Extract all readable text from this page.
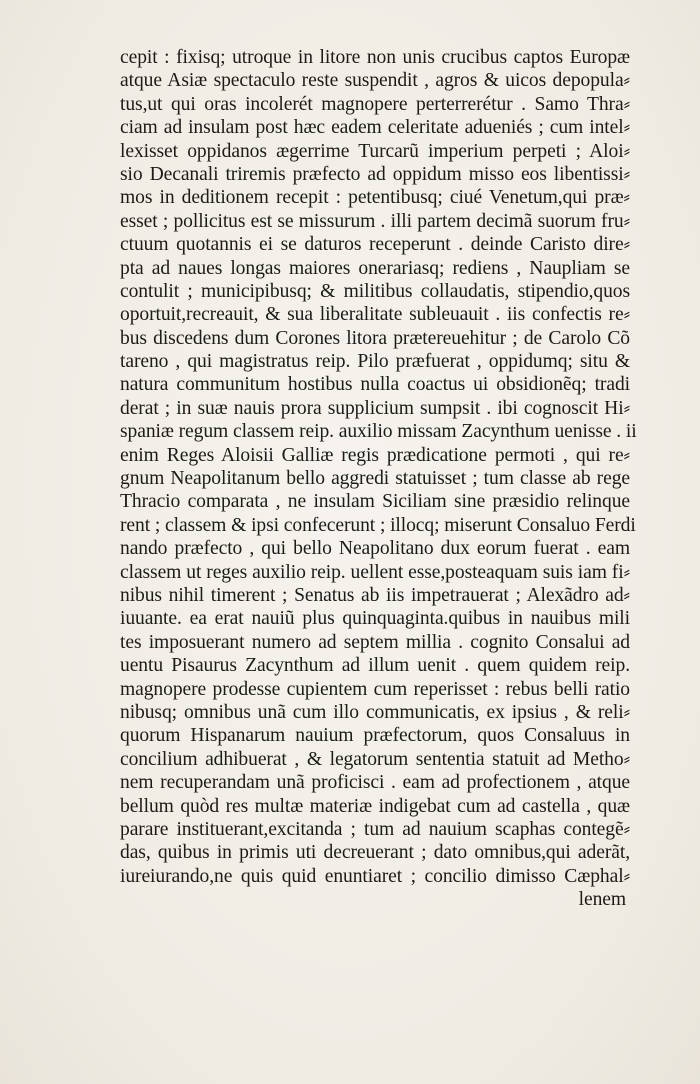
cepit : fixisq; utroque in litore non unis crucibus captos Europæ
atque Asiæ spectaculo reste suspendit , agros & uicos depopula⸗
tus,ut qui oras incolerét magnopere perterrerétur . Samo Thra⸗
ciam ad insulam post hæc eadem celeritate adueniés ; cum intel⸗
lexisset oppidanos ægerrime Turcarũ imperium perpeti ; Aloi⸗
sio Decanali triremis præfecto ad oppidum misso eos libentissi⸗
mos in deditionem recepit : petentibusq; ciué Venetum,qui præ⸗
esset ; pollicitus est se missurum . illi partem decimã suorum fru⸗
ctuum quotannis ei se daturos receperunt . deinde Caristo dire⸗
pta ad naues longas maiores onerariasq; rediens , Naupliam se
contulit ; municipibusq; & militibus collaudatis, stipendio,quos
oportuit,recreauit, & sua liberalitate subleuauit . iis confectis re⸗
bus discedens dum Corones litora prætereuehitur ; de Carolo Cõ
tareno , qui magistratus reip. Pilo præfuerat , oppidumq; situ &
natura communitum hostibus nulla coactus ui obsidionẽq; tradi
derat ; in suæ nauis prora supplicium sumpsit . ibi cognoscit Hi⸗
spaniæ regum classem reip. auxilio missam Zacynthum uenisse . ii
enim Reges Aloisii Galliæ regis prædicatione permoti , qui re⸗
gnum Neapolitanum bello aggredi statuisset ; tum classe ab rege
Thracio comparata , ne insulam Siciliam sine præsidio relinque
rent ; classem & ipsi confecerunt ; illocq; miserunt Consaluo Ferdi
nando præfecto , qui bello Neapolitano dux eorum fuerat . eam
classem ut reges auxilio reip. uellent esse,posteaquam suis iam fi⸗
nibus nihil timerent ; Senatus ab iis impetrauerat ; Alexãdro ad⸗
iuuante. ea erat nauiũ plus quinquaginta.quibus in nauibus mili
tes imposuerant numero ad septem millia . cognito Consalui ad
uentu Pisaurus Zacynthum ad illum uenit . quem quidem reip.
magnopere prodesse cupientem cum reperisset : rebus belli ratio
nibusq; omnibus unã cum illo communicatis, ex ipsius , & reli⸗
quorum Hispanarum nauium præfectorum, quos Consaluus in
concilium adhibuerat , & legatorum sententia statuit ad Metho⸗
nem recuperandam unã proficisci . eam ad profectionem , atque
bellum quòd res multæ materiæ indigebat cum ad castella , quæ
parare instituerant,excitanda ; tum ad nauium scaphas contegẽ⸗
das, quibus in primis uti decreuerant ; dato omnibus,qui aderãt,
iureiurando,ne quis quid enuntiaret ; concilio dimisso Cæphal⸗
lenem
